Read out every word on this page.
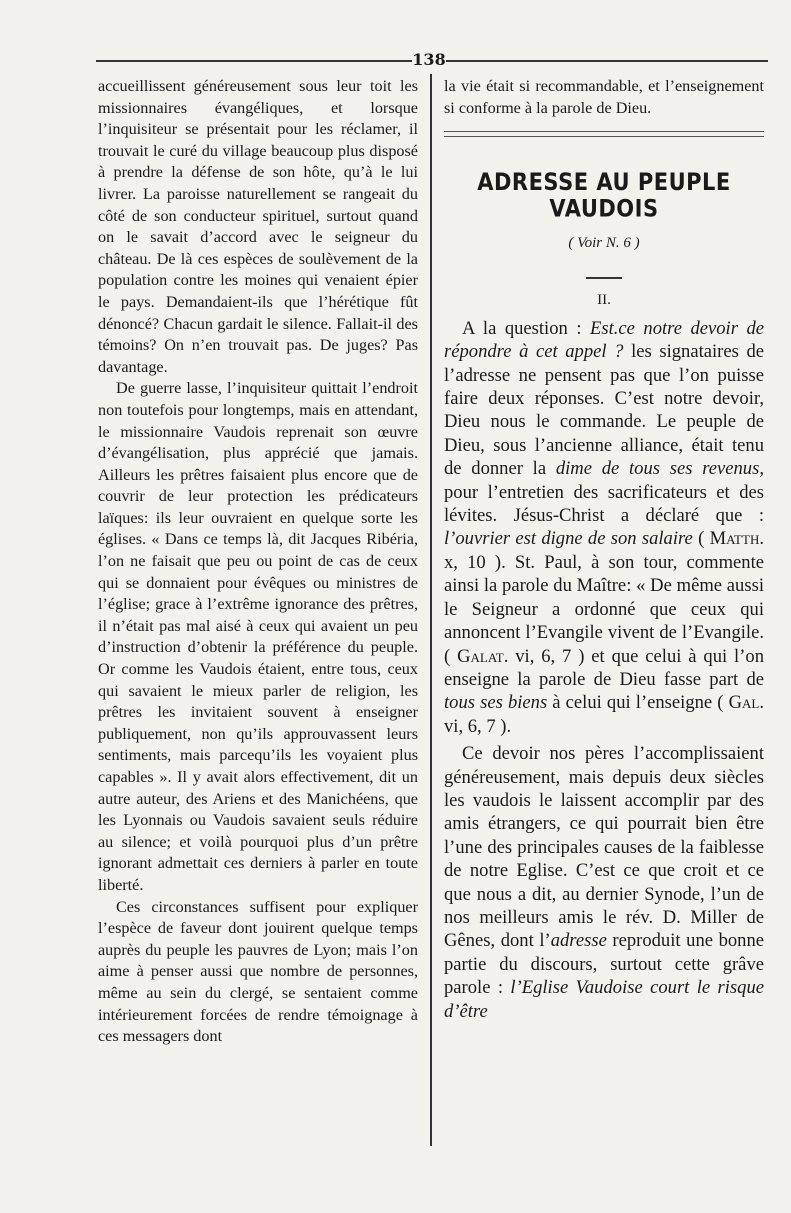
138

accueillissent généreusement sous leur toit les missionnaires évangéliques, et lorsque l’inquisiteur se présentait pour les réclamer, il trouvait le curé du village beaucoup plus disposé à prendre la défense de son hôte, qu’à le lui livrer. La paroisse naturellement se rangeait du côté de son conducteur spirituel, surtout quand on le savait d’accord avec le seigneur du château. De là ces espèces de soulèvement de la population contre les moines qui venaient épier le pays. Demandaient-ils que l’hérétique fût dénoncé? Chacun gardait le silence. Fallait-il des témoins? On n’en trouvait pas. De juges? Pas davantage.

De guerre lasse, l’inquisiteur quittait l’endroit non toutefois pour longtemps, mais en attendant, le missionnaire Vaudois reprenait son œuvre d’évangélisation, plus apprécié que jamais. Ailleurs les prêtres faisaient plus encore que de couvrir de leur protection les prédicateurs laïques: ils leur ouvraient en quelque sorte les églises. « Dans ce temps là, dit Jacques Ribéria, l’on ne faisait que peu ou point de cas de ceux qui se donnaient pour évêques ou ministres de l’église; grace à l’extrême ignorance des prêtres, il n’était pas mal aisé à ceux qui avaient un peu d’instruction d’obtenir la préférence du peuple. Or comme les Vaudois étaient, entre tous, ceux qui savaient le mieux parler de religion, les prêtres les invitaient souvent à enseigner publiquement, non qu’ils approuvassent leurs sentiments, mais parcequ’ils les voyaient plus capables ». Il y avait alors effectivement, dit un autre auteur, des Ariens et des Manichéens, que les Lyonnais ou Vaudois savaient seuls réduire au silence; et voilà pourquoi plus d’un prêtre ignorant admettait ces derniers à parler en toute liberté.

Ces circonstances suffisent pour expliquer l’espèce de faveur dont jouirent quelque temps auprès du peuple les pauvres de Lyon; mais l’on aime à penser aussi que nombre de personnes, même au sein du clergé, se sentaient comme intérieurement forcées de rendre témoignage à ces messagers dont

la vie était si recommandable, et l’enseignement si conforme à la parole de Dieu.

ADRESSE AU PEUPLE VAUDOIS
( Voir N. 6 )
II.

A la question : Est.ce notre devoir de répondre à cet appel ? les signataires de l’adresse ne pensent pas que l’on puisse faire deux réponses. C’est notre devoir, Dieu nous le commande. Le peuple de Dieu, sous l’ancienne alliance, était tenu de donner la dime de tous ses revenus, pour l’entretien des sacrificateurs et des lévites. Jésus-Christ a déclaré que : l’ouvrier est digne de son salaire ( Matth. x, 10 ). St. Paul, à son tour, commente ainsi la parole du Maître: « De même aussi le Seigneur a ordonné que ceux qui annoncent l’Evangile vivent de l’Evangile. ( Galat. vi, 6, 7 ) et que celui à qui l’on enseigne la parole de Dieu fasse part de tous ses biens à celui qui l’enseigne ( Gal. vi, 6, 7 ).

Ce devoir nos pères l’accomplissaient généreusement, mais depuis deux siècles les vaudois le laissent accomplir par des amis étrangers, ce qui pourrait bien être l’une des principales causes de la faiblesse de notre Eglise. C’est ce que croit et ce que nous a dit, au dernier Synode, l’un de nos meilleurs amis le rév. D. Miller de Gênes, dont l’adresse reproduit une bonne partie du discours, surtout cette grâve parole : l’Eglise Vaudoise court le risque d’être
